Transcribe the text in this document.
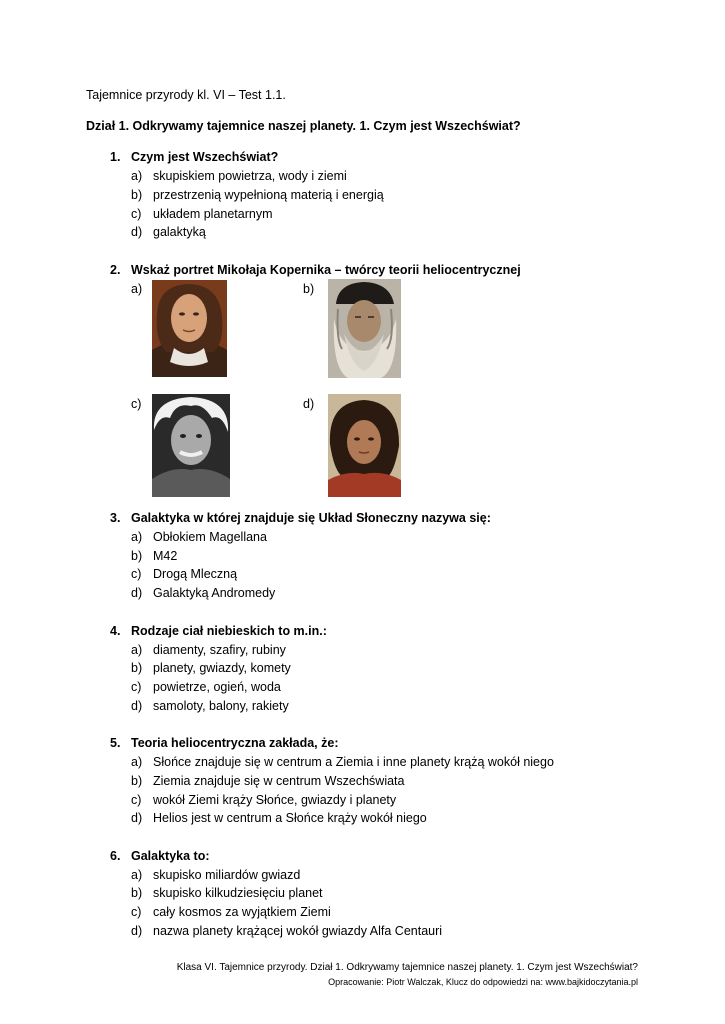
Tajemnice przyrody kl. VI – Test 1.1.
Dział 1. Odkrywamy tajemnice naszej planety. 1. Czym jest Wszechświat?
1. Czym jest Wszechświat?
a) skupiskiem powietrza, wody i ziemi
b) przestrzenią wypełnioną materią i energią
c) układem planetarnym
d) galaktyką
2. Wskaż portret Mikołaja Kopernika – twórcy teorii heliocentrycznej
a)	b)
c)	d)
3. Galaktyka w której znajduje się Układ Słoneczny nazywa się:
a) Obłokiem Magellana
b) M42
c) Drogą Mleczną
d) Galaktyką Andromedy
4. Rodzaje ciał niebieskich to m.in.:
a) diamenty, szafiry, rubiny
b) planety, gwiazdy, komety
c) powietrze, ogień, woda
d) samoloty, balony, rakiety
5. Teoria heliocentryczna zakłada, że:
a) Słońce znajduje się w centrum a Ziemia i inne planety krążą wokół niego
b) Ziemia znajduje się w centrum Wszechświata
c) wokół Ziemi krąży Słońce, gwiazdy i planety
d) Helios jest w centrum a Słońce krąży wokół niego
6. Galaktyka to:
a) skupisko miliardów gwiazd
b) skupisko kilkudziesięciu planet
c) cały kosmos za wyjątkiem Ziemi
d) nazwa planety krążącej wokół gwiazdy Alfa Centauri
Klasa VI. Tajemnice przyrody. Dział 1. Odkrywamy tajemnice naszej planety. 1. Czym jest Wszechświat?
Opracowanie: Piotr Walczak, Klucz do odpowiedzi na: www.bajkidoczytania.pl
